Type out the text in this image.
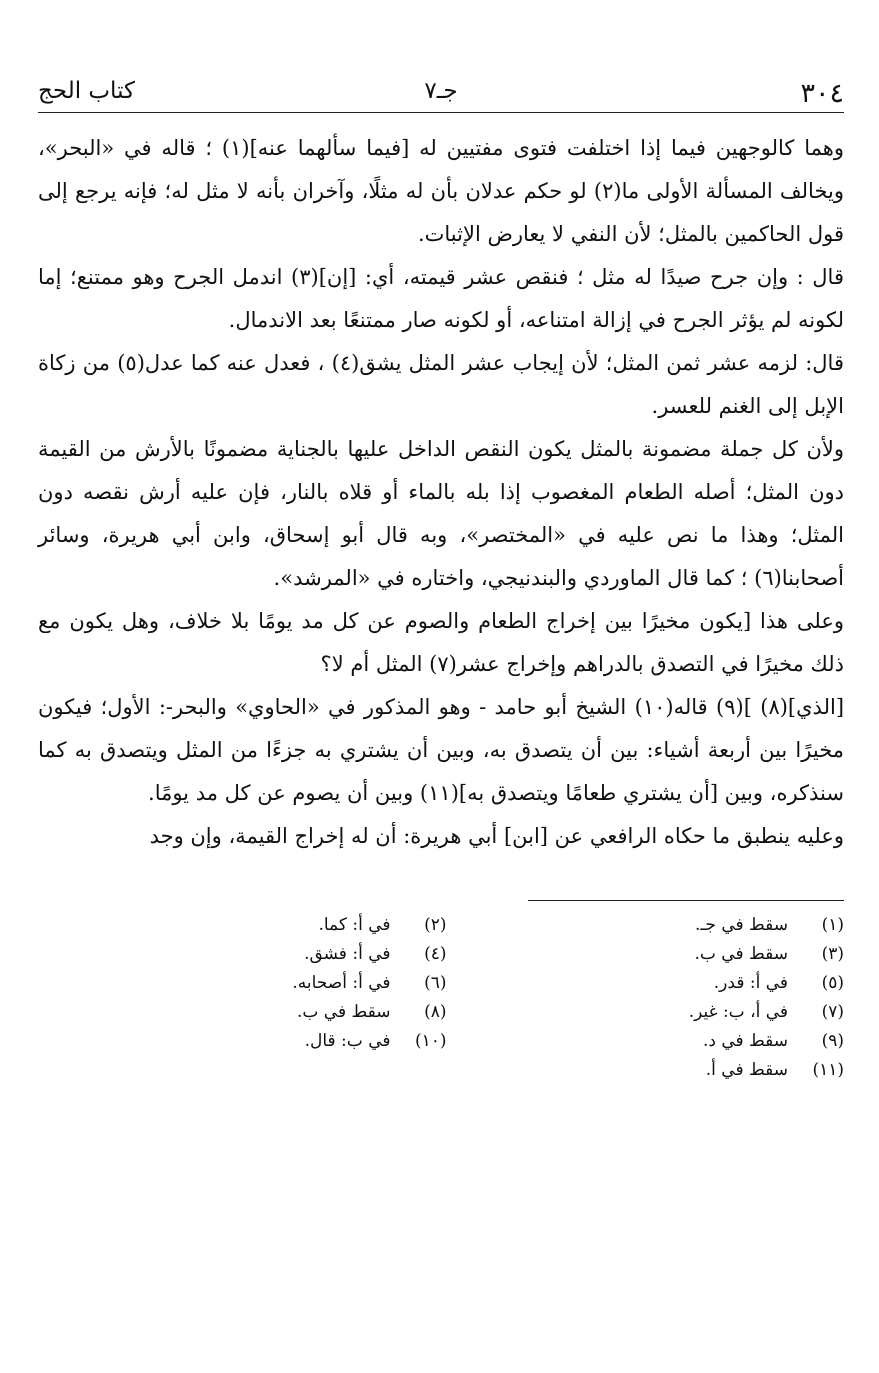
٣٠٤
جـ٧
كتاب الحج

وهما كالوجهين فيما إذا اختلفت فتوى مفتيين له [فيما سألهما عنه](١) ؛ قاله في «البحر»، ويخالف المسألة الأولى ما(٢) لو حكم عدلان بأن له مثلًا، وآخران بأنه لا مثل له؛ فإنه يرجع إلى قول الحاكمين بالمثل؛ لأن النفي لا يعارض الإثبات.

قال : وإن جرح صيدًا له مثل ؛ فنقص عشر قيمته، أي: [إن](٣) اندمل الجرح وهو ممتنع؛ إما لكونه لم يؤثر الجرح في إزالة امتناعه، أو لكونه صار ممتنعًا بعد الاندمال.

قال: لزمه عشر ثمن المثل؛ لأن إيجاب عشر المثل يشق(٤) ، فعدل عنه كما عدل(٥) من زكاة الإبل إلى الغنم للعسر.

ولأن كل جملة مضمونة بالمثل يكون النقص الداخل عليها بالجناية مضمونًا بالأرش من القيمة دون المثل؛ أصله الطعام المغصوب إذا بله بالماء أو قلاه بالنار، فإن عليه أرش نقصه دون المثل؛ وهذا ما نص عليه في «المختصر»، وبه قال أبو إسحاق، وابن أبي هريرة، وسائر أصحابنا(٦) ؛ كما قال الماوردي والبندنيجي، واختاره في «المرشد».

وعلى هذا [يكون مخيرًا بين إخراج الطعام والصوم عن كل مد يومًا بلا خلاف، وهل يكون مع ذلك مخيرًا في التصدق بالدراهم وإخراج عشر(٧) المثل أم لا؟

[الذي](٨) ](٩) قاله(١٠) الشيخ أبو حامد - وهو المذكور في «الحاوي» والبحر-: الأول؛ فيكون مخيرًا بين أربعة أشياء: بين أن يتصدق به، وبين أن يشتري به جزءًا من المثل ويتصدق به كما سنذكره، وبين [أن يشتري طعامًا ويتصدق به](١١) وبين أن يصوم عن كل مد يومًا.

وعليه ينطبق ما حكاه الرافعي عن [ابن] أبي هريرة: أن له إخراج القيمة، وإن وجد

(١)
سقط في جـ.
(٣)
سقط في ب.
(٥)
في أ: قدر.
(٧)
في أ، ب: غير.
(٩)
سقط في د.
(١١)
سقط في أ.
(٢)
في أ: كما.
(٤)
في أ: فشق.
(٦)
في أ: أصحابه.
(٨)
سقط في ب.
(١٠)
في ب: قال.
